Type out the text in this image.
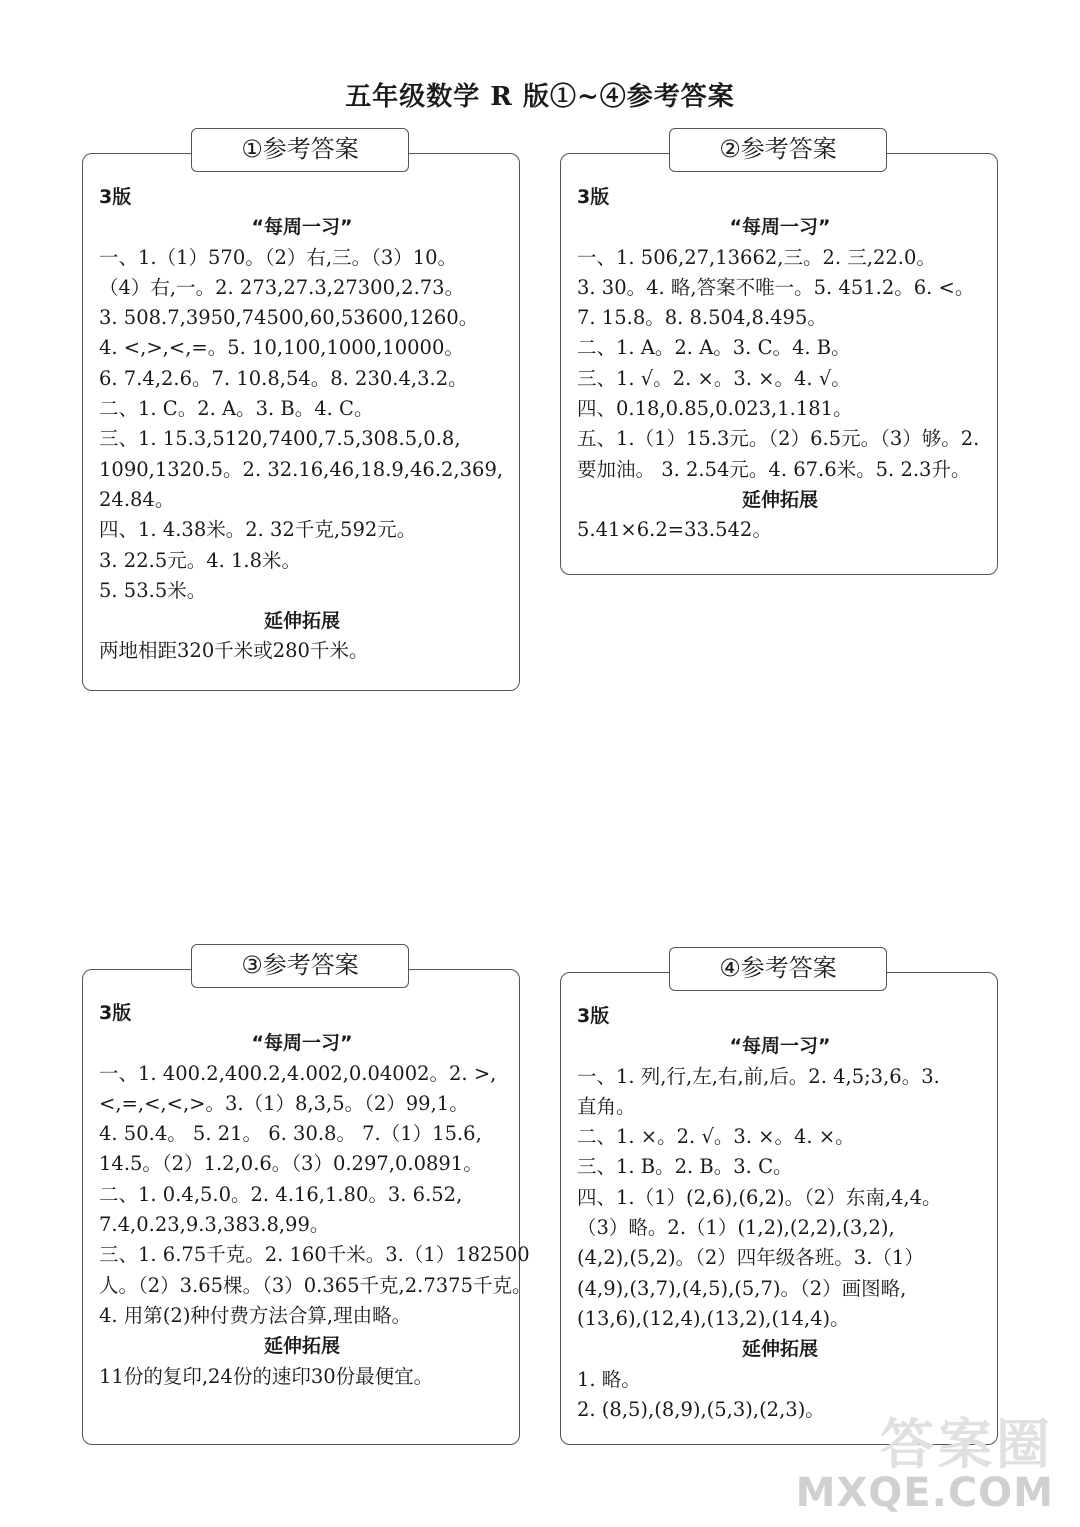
五年级数学 R 版①~④参考答案
①参考答案
3版
“每周一习”
一、1.（1）570。（2）右,三。（3）10。
（4）右,一。2. 273,27.3,27300,2.73。
3. 508.7,3950,74500,60,53600,1260。
4. <,>,<,=。5. 10,100,1000,10000。
6. 7.4,2.6。7. 10.8,54。8. 230.4,3.2。
二、1. C。2. A。3. B。4. C。
三、1. 15.3,5120,7400,7.5,308.5,0.8,
1090,1320.5。2. 32.16,46,18.9,46.2,369,
24.84。
四、1. 4.38米。2. 32千克,592元。
3. 22.5元。4. 1.8米。
5. 53.5米。
延伸拓展
两地相距320千米或280千米。
②参考答案
3版
“每周一习”
一、1. 506,27,13662,三。2. 三,22.0。
3. 30。4. 略,答案不唯一。5. 451.2。6. <。
7. 15.8。8. 8.504,8.495。
二、1. A。2. A。3. C。4. B。
三、1. √。2. ×。3. ×。4. √。
四、0.18,0.85,0.023,1.181。
五、1.（1）15.3元。（2）6.5元。（3）够。2.
要加油。 3. 2.54元。4. 67.6米。5. 2.3升。
延伸拓展
5.41×6.2=33.542。
③参考答案
3版
“每周一习”
一、1. 400.2,400.2,4.002,0.04002。2. >,
<,=,<,<,>。3.（1）8,3,5。（2）99,1。
4. 50.4。 5. 21。 6. 30.8。 7.（1）15.6,
14.5。（2）1.2,0.6。（3）0.297,0.0891。
二、1. 0.4,5.0。2. 4.16,1.80。3. 6.52,
7.4,0.23,9.3,383.8,99。
三、1. 6.75千克。2. 160千米。3.（1）182500
人。（2）3.65棵。（3）0.365千克,2.7375千克。
4. 用第(2)种付费方法合算,理由略。
延伸拓展
11份的复印,24份的速印30份最便宜。
④参考答案
3版
“每周一习”
一、1. 列,行,左,右,前,后。2. 4,5;3,6。3.
直角。
二、1. ×。2. √。3. ×。4. ×。
三、1. B。2. B。3. C。
四、1.（1）(2,6),(6,2)。（2）东南,4,4。
（3）略。2.（1）(1,2),(2,2),(3,2),
(4,2),(5,2)。（2）四年级各班。3.（1）
(4,9),(3,7),(4,5),(5,7)。（2）画图略,
(13,6),(12,4),(13,2),(14,4)。
延伸拓展
1. 略。
2. (8,5),(8,9),(5,3),(2,3)。
答案圈
MXQE.COM
